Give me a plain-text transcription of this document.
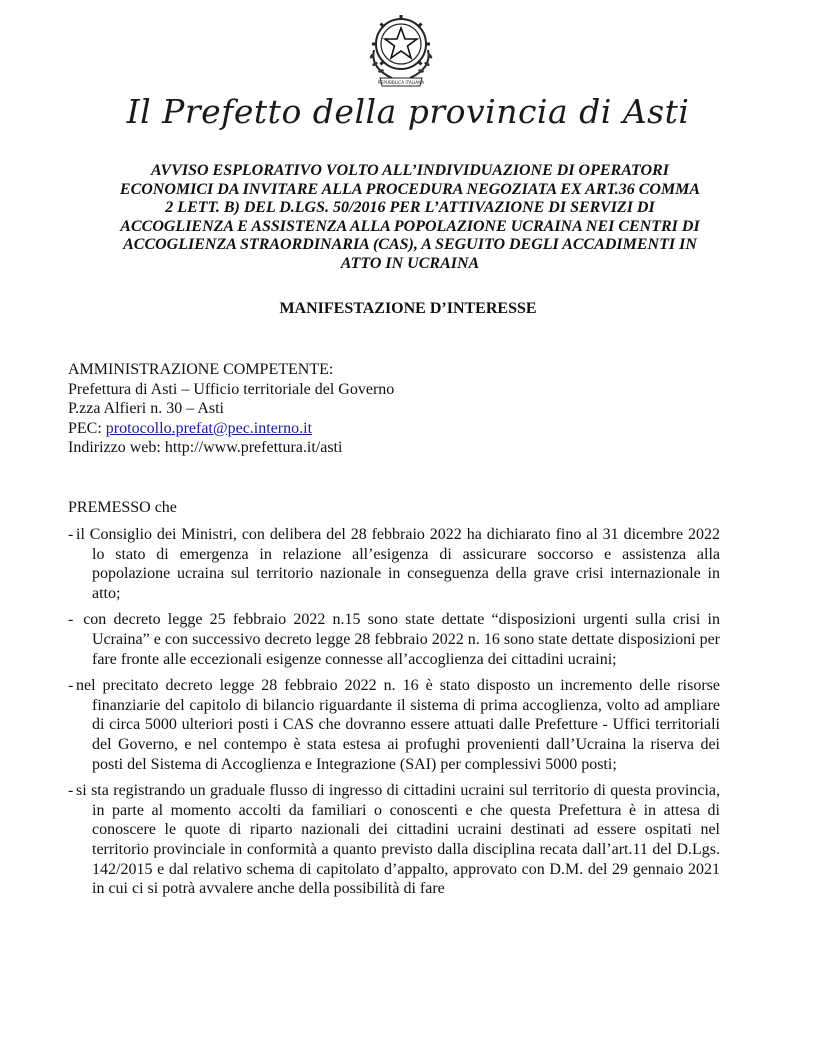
REPUBBLICA ITALIANA
Il Prefetto della provincia di Asti
AVVISO ESPLORATIVO VOLTO ALL’INDIVIDUAZIONE DI OPERATORI
ECONOMICI DA INVITARE ALLA PROCEDURA NEGOZIATA EX ART.36 COMMA
2 LETT. B) DEL D.LGS. 50/2016 PER L’ATTIVAZIONE DI SERVIZI DI
ACCOGLIENZA E ASSISTENZA ALLA POPOLAZIONE UCRAINA NEI CENTRI DI
ACCOGLIENZA STRAORDINARIA (CAS), A SEGUITO DEGLI ACCADIMENTI IN
ATTO IN UCRAINA
MANIFESTAZIONE D’INTERESSE
AMMINISTRAZIONE COMPETENTE:
Prefettura di Asti – Ufficio territoriale del Governo
P.zza Alfieri n. 30 – Asti
PEC: protocollo.prefat@pec.interno.it
Indirizzo web: http://www.prefettura.it/asti
PREMESSO che
- il Consiglio dei Ministri, con delibera del 28 febbraio 2022 ha dichiarato fino al 31 dicembre 2022 lo stato di emergenza in relazione all’esigenza di assicurare soccorso e assistenza alla popolazione ucraina sul territorio nazionale in conseguenza della grave crisi internazionale in atto;
- con decreto legge 25 febbraio 2022 n.15 sono state dettate “disposizioni urgenti sulla crisi in Ucraina” e con successivo decreto legge 28 febbraio 2022 n. 16 sono state dettate disposizioni per fare fronte alle eccezionali esigenze connesse all’accoglienza dei cittadini ucraini;
- nel precitato decreto legge 28 febbraio 2022 n. 16 è stato disposto un incremento delle risorse finanziarie del capitolo di bilancio riguardante il sistema di prima accoglienza, volto ad ampliare di circa 5000 ulteriori posti i CAS che dovranno essere attuati dalle Prefetture - Uffici territoriali del Governo, e nel contempo è stata estesa ai profughi provenienti dall’Ucraina la riserva dei posti del Sistema di Accoglienza e Integrazione (SAI) per complessivi 5000 posti;
- si sta registrando un graduale flusso di ingresso di cittadini ucraini sul territorio di questa provincia, in parte al momento accolti da familiari o conoscenti e che questa Prefettura è in attesa di conoscere le quote di riparto nazionali dei cittadini ucraini destinati ad essere ospitati nel territorio provinciale in conformità a quanto previsto dalla disciplina recata dall’art.11 del D.Lgs. 142/2015 e dal relativo schema di capitolato d’appalto, approvato con D.M. del 29 gennaio 2021 in cui ci si potrà avvalere anche della possibilità di fare
